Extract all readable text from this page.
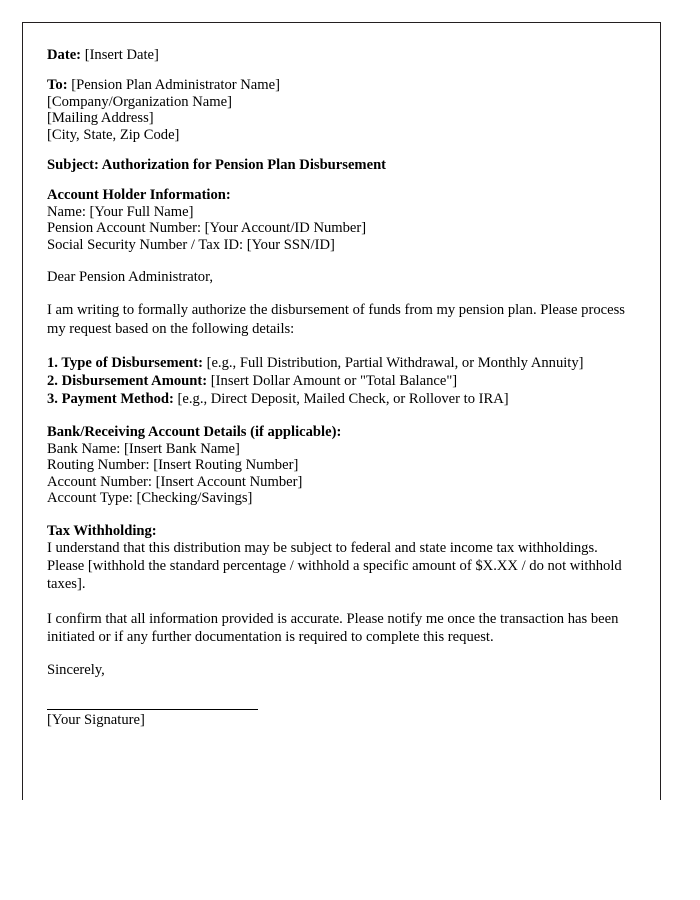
Date: [Insert Date]
To: [Pension Plan Administrator Name]
[Company/Organization Name]
[Mailing Address]
[City, State, Zip Code]
Subject: Authorization for Pension Plan Disbursement
Account Holder Information:
Name: [Your Full Name]
Pension Account Number: [Your Account/ID Number]
Social Security Number / Tax ID: [Your SSN/ID]
Dear Pension Administrator,
I am writing to formally authorize the disbursement of funds from my pension plan. Please process my request based on the following details:
1. Type of Disbursement: [e.g., Full Distribution, Partial Withdrawal, or Monthly Annuity]
2. Disbursement Amount: [Insert Dollar Amount or "Total Balance"]
3. Payment Method: [e.g., Direct Deposit, Mailed Check, or Rollover to IRA]
Bank/Receiving Account Details (if applicable):
Bank Name: [Insert Bank Name]
Routing Number: [Insert Routing Number]
Account Number: [Insert Account Number]
Account Type: [Checking/Savings]
Tax Withholding:
I understand that this distribution may be subject to federal and state income tax withholdings. Please [withhold the standard percentage / withhold a specific amount of $X.XX / do not withhold taxes].
I confirm that all information provided is accurate. Please notify me once the transaction has been initiated or if any further documentation is required to complete this request.
Sincerely,
[Your Signature]
